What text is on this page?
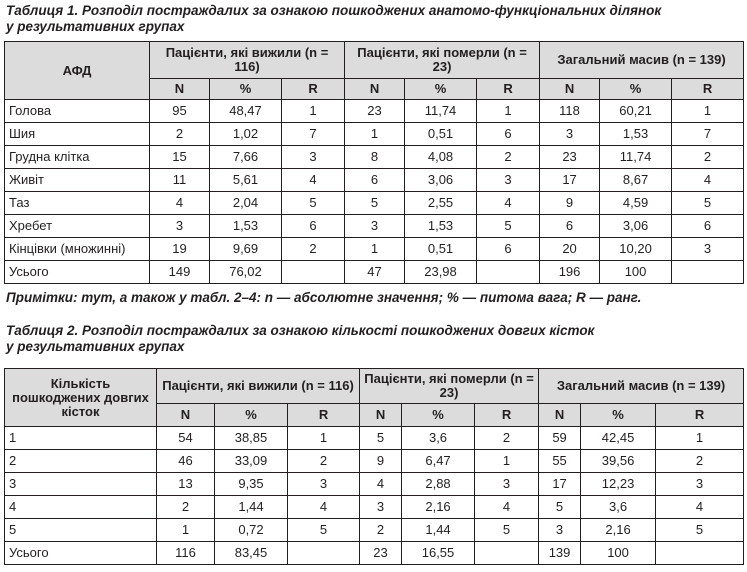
Таблиця 1. Розподіл постраждалих за ознакою пошкоджених анатомо-функціональних ділянок
у результативних групах
АФД	Пацієнти, які вижили (n = 116)			Пацієнти, які померли (n = 23)			Загальний масив (n = 139)		
	N	%	R	N	%	R	N	%	R
Голова	95	48,47	1	23	11,74	1	118	60,21	1
Шия	2	1,02	7	1	0,51	6	3	1,53	7
Грудна клітка	15	7,66	3	8	4,08	2	23	11,74	2
Живіт	11	5,61	4	6	3,06	3	17	8,67	4
Таз	4	2,04	5	5	2,55	4	9	4,59	5
Хребет	3	1,53	6	3	1,53	5	6	3,06	6
Кінцівки (множинні)	19	9,69	2	1	0,51	6	20	10,20	3
Усього	149	76,02		47	23,98		196	100	
Примітки: тут, а також у табл. 2–4: n — абсолютне значення; % — питома вага; R — ранг.
Таблиця 2. Розподіл постраждалих за ознакою кількості пошкоджених довгих кісток
у результативних групах
Кількість пошкоджених довгих кісток	Пацієнти, які вижили (n = 116)			Пацієнти, які померли (n = 23)			Загальний масив (n = 139)		
	N	%	R	N	%	R	N	%	R
1	54	38,85	1	5	3,6	2	59	42,45	1
2	46	33,09	2	9	6,47	1	55	39,56	2
3	13	9,35	3	4	2,88	3	17	12,23	3
4	2	1,44	4	3	2,16	4	5	3,6	4
5	1	0,72	5	2	1,44	5	3	2,16	5
Усього	116	83,45		23	16,55		139	100	
